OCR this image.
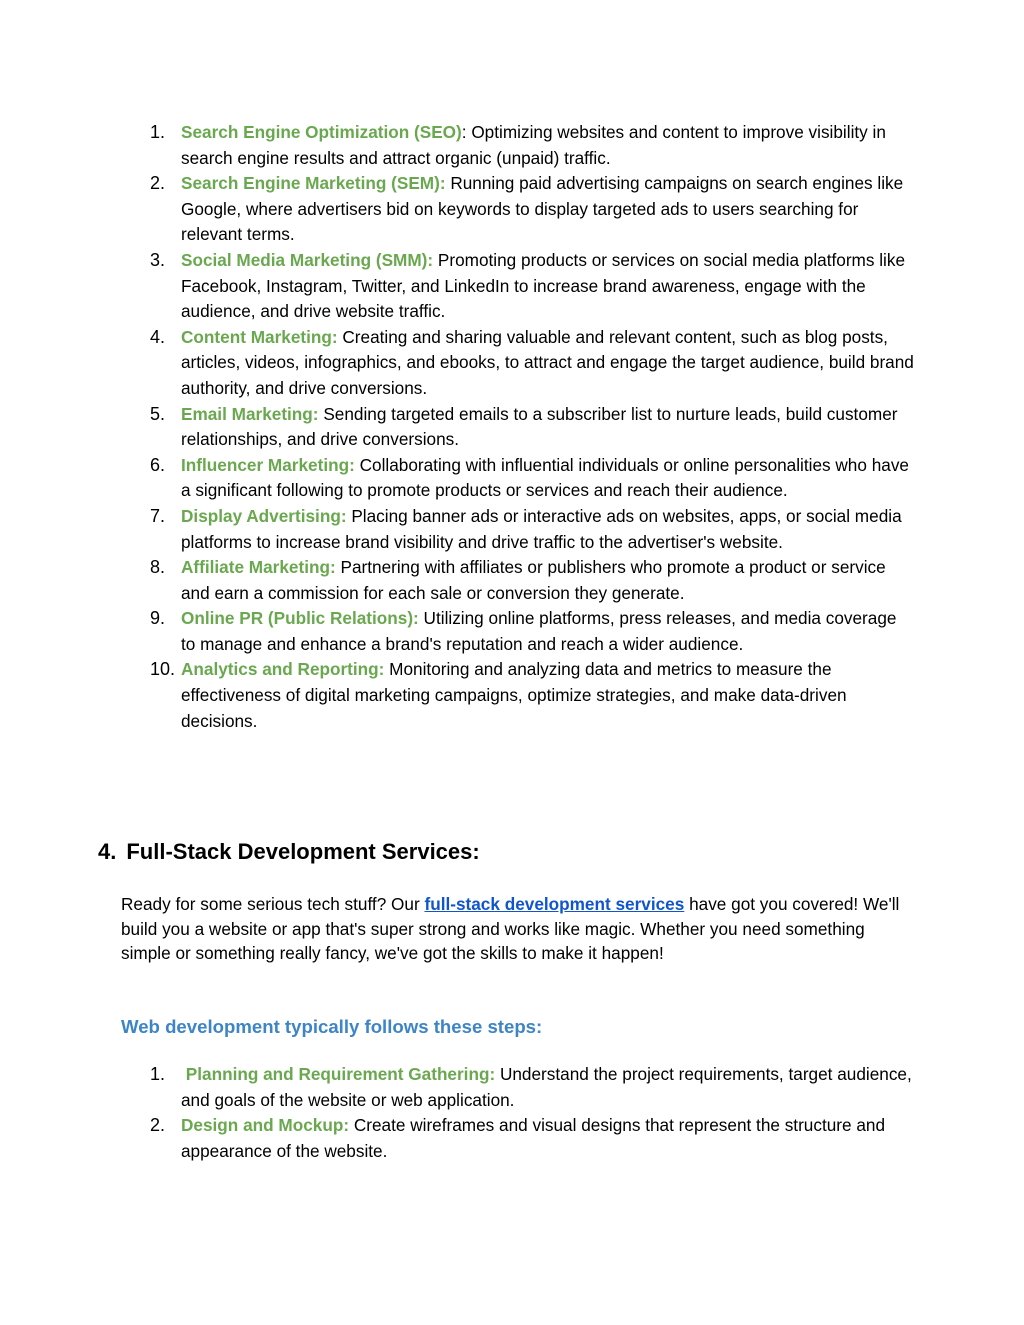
1. Search Engine Optimization (SEO): Optimizing websites and content to improve visibility in search engine results and attract organic (unpaid) traffic.
2. Search Engine Marketing (SEM): Running paid advertising campaigns on search engines like Google, where advertisers bid on keywords to display targeted ads to users searching for relevant terms.
3. Social Media Marketing (SMM): Promoting products or services on social media platforms like Facebook, Instagram, Twitter, and LinkedIn to increase brand awareness, engage with the audience, and drive website traffic.
4. Content Marketing: Creating and sharing valuable and relevant content, such as blog posts, articles, videos, infographics, and ebooks, to attract and engage the target audience, build brand authority, and drive conversions.
5. Email Marketing: Sending targeted emails to a subscriber list to nurture leads, build customer relationships, and drive conversions.
6. Influencer Marketing: Collaborating with influential individuals or online personalities who have a significant following to promote products or services and reach their audience.
7. Display Advertising: Placing banner ads or interactive ads on websites, apps, or social media platforms to increase brand visibility and drive traffic to the advertiser's website.
8. Affiliate Marketing: Partnering with affiliates or publishers who promote a product or service and earn a commission for each sale or conversion they generate.
9. Online PR (Public Relations): Utilizing online platforms, press releases, and media coverage to manage and enhance a brand's reputation and reach a wider audience.
10. Analytics and Reporting: Monitoring and analyzing data and metrics to measure the effectiveness of digital marketing campaigns, optimize strategies, and make data-driven decisions.
4. Full-Stack Development Services:

Ready for some serious tech stuff? Our full-stack development services have got you covered! We'll build you a website or app that's super strong and works like magic. Whether you need something simple or something really fancy, we've got the skills to make it happen!

Web development typically follows these steps:
1. Planning and Requirement Gathering: Understand the project requirements, target audience, and goals of the website or web application.
2. Design and Mockup: Create wireframes and visual designs that represent the structure and appearance of the website.
